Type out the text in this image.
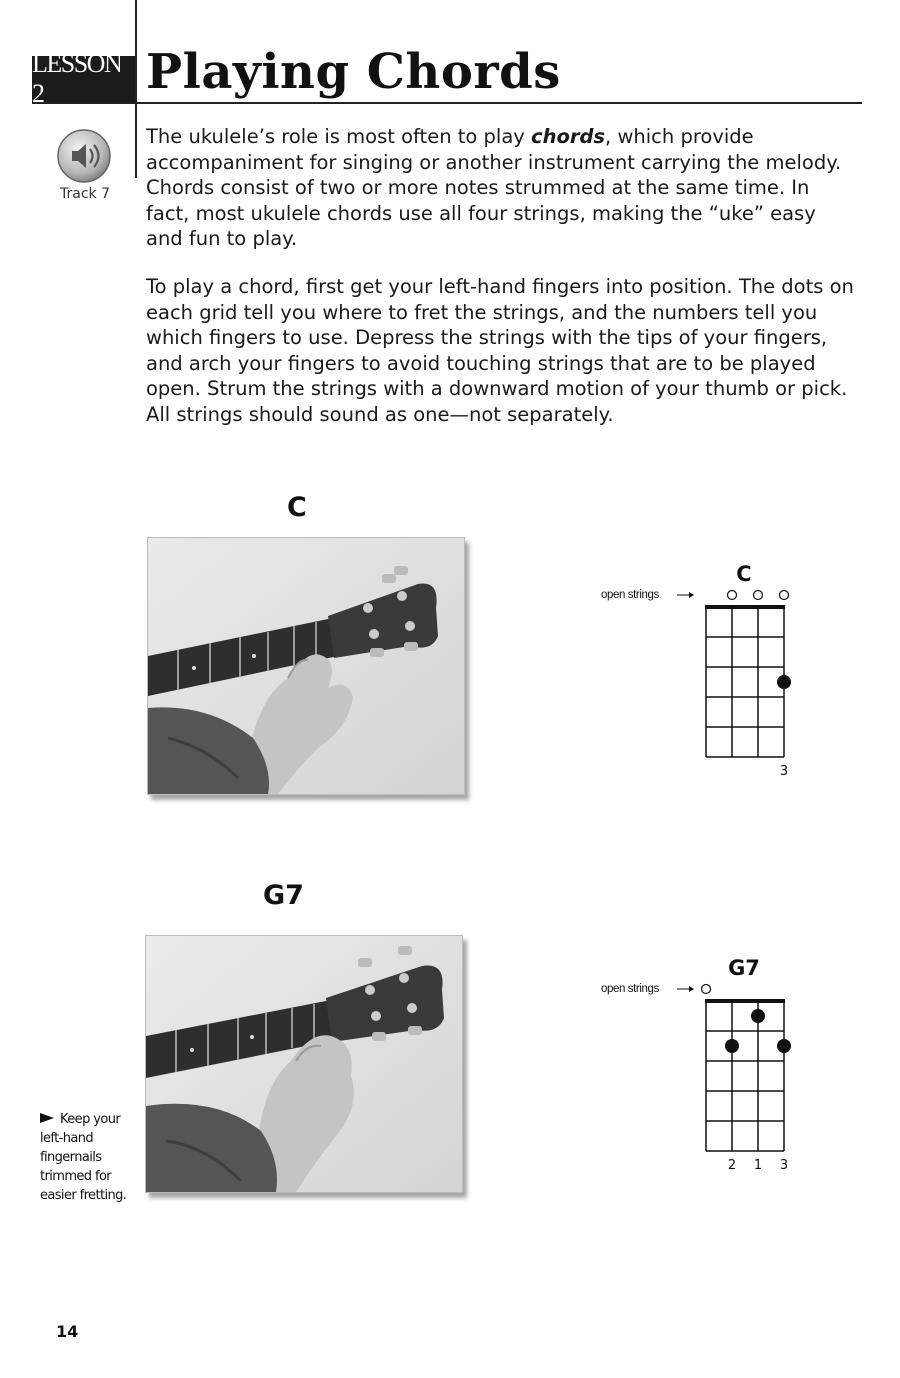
LESSON 2	Playing Chords
Track 7

The ukulele’s role is most often to play chords, which provide accompaniment for singing or another instrument carrying the melody. Chords consist of two or more notes strummed at the same time. In fact, most ukulele chords use all four strings, making the “uke” easy and fun to play.

To play a chord, first get your left-hand fingers into position. The dots on each grid tell you where to fret the strings, and the numbers tell you which fingers to use. Depress the strings with the tips of your fingers, and arch your fingers to avoid touching strings that are to be played open. Strum the strings with a downward motion of your thumb or pick. All strings should sound as one—not separately.

C
C
open strings
3
G7
G7
open strings
2 1 3
Keep your left-hand fingernails trimmed for easier fretting.
14
